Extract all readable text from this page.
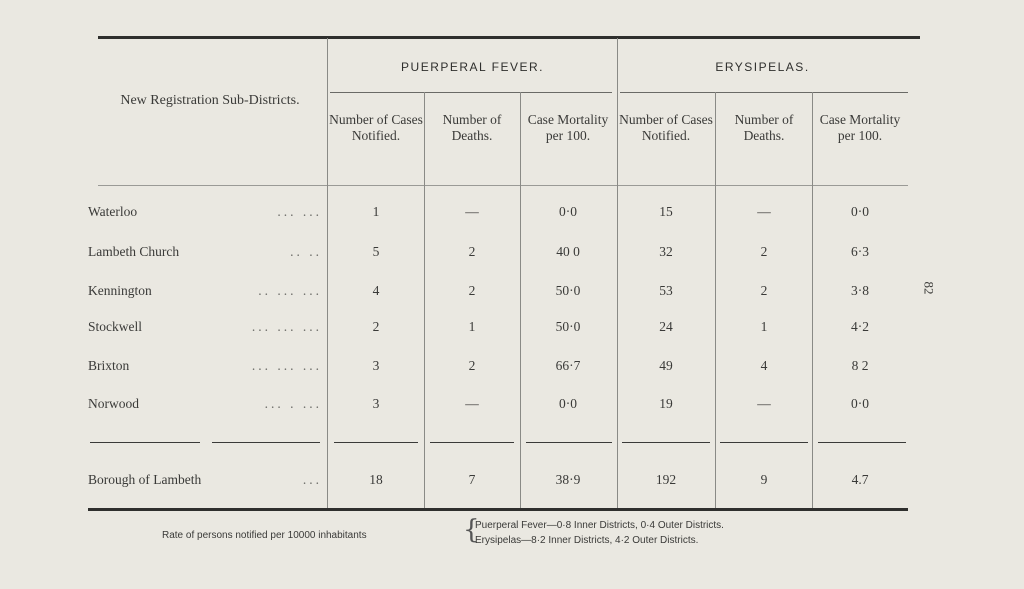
New Registration Sub-Districts.
PUERPERAL FEVER.	ERYSIPELAS.
Number of Cases Notified.
Number of Deaths.
Case Mortality per 100.
Number of Cases Notified.
Number of Deaths.
Case Mortality per 100.
Waterloo	... ...	1	—	0·0	15	—	0·0
Lambeth Church	.. ..	5	2	40 0	32	2	6·3
Kennington	.. ... ...	4	2	50·0	53	2	3·8
Stockwell	... ... ...	2	1	50·0	24	1	4·2
Brixton	... ... ...	3	2	66·7	49	4	8 2
Norwood	... . ...	3	—	0·0	19	—	0·0
Borough of Lambeth	...	18	7	38·9	192	9	4.7
Rate of persons notified per 10000 inhabitants	{
Puerperal Fever—0·8 Inner Districts, 0·4 Outer Districts.
Erysipelas—8·2 Inner Districts, 4·2 Outer Districts.
82
